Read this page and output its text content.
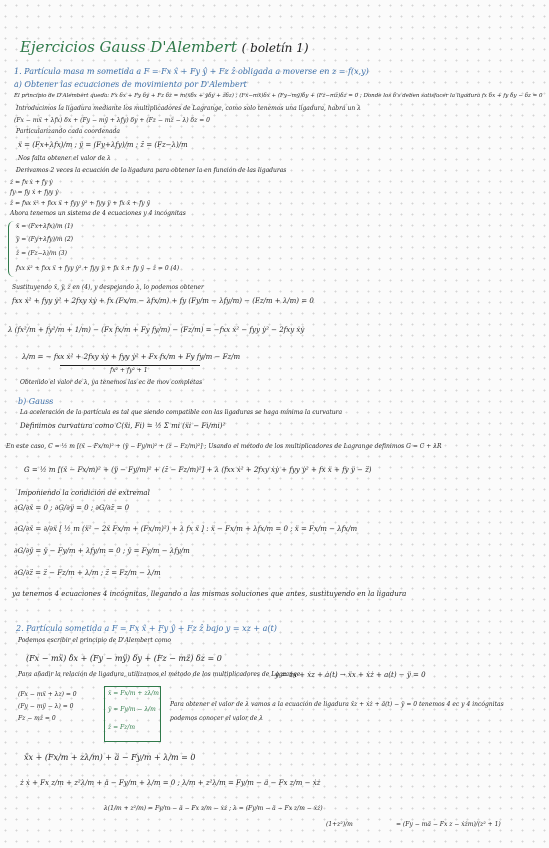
Ejercicios Gauss D'Alembert ( boletín 1)
1. Partícula masa m sometida a F = Fx x̂ + Fy ŷ + Fz ẑ obligada a moverse en z = f(x,y)
a) Obtener las ecuaciones de movimiento por D'Alembert
El principio de D'Alembert queda: Fx δx + Fy δy + Fz δz = m(ẍδx + ÿδy + z̈δz) ; (Fx−mẍ)δx + (Fy−mÿ)δy + (Fz−mz̈)δz = 0 ; Donde los δ's deben satisfacer la ligadura fx δx + fy δy − δz = 0
Introducimos la ligadura mediante los multiplicadores de Lagrange, como solo tenemos una ligadura, habrá un λ
(Fx − mẍ + λfx) δx + (Fy − mÿ + λfy) δy + (Fz − mz̈ − λ) δz = 0
Particularizando cada coordenada
ẍ = (Fx+λfx)/m ; ÿ = (Fy+λfy)/m ; z̈ = (Fz−λ)/m
Nos falta obtener el valor de λ
Derivamos 2 veces la ecuación de la ligadura para obtener la en función de las ligaduras
ż = fx ẋ + fy ẏ
fy = fy ẋ + fyy ẏ
z̈ = fxx ẋ² + fxx ẍ + fyy ẏ² + fyy ÿ + fx ẍ + fy ÿ
Ahora tenemos un sistema de 4 ecuaciones y 4 incógnitas
ẍ = (Fx+λfx)/m (1)
ÿ = (Fy+λfy)/m (2)
z̈ = (Fz−λ)/m (3)
fxx ẋ² + fxx ẍ + fyy ẏ² + fyy ÿ + fx ẍ + fy ÿ − z̈ = 0 (4)
Sustituyendo ẍ, ÿ, z̈ en (4), y despejando λ, lo podemos obtener
fxx ẋ² + fyy ẏ² + 2fxy ẋẏ + fx (Fx/m − λfx/m) + fy (Fy/m − λfy/m) − (Fz/m + λ/m) = 0
λ (fx²/m + fy²/m + 1/m) − (Fx fx/m + Fy fy/m) − (Fz/m) = −fxx ẋ² − fyy ẏ² − 2fxy ẋẏ
λ/m = − fxx ẋ² + 2fxy ẋẏ + fyy ẏ² + Fx fx/m + Fy fy/m − Fz/m
fx² + fy² + 1
Obtenido el valor de λ, ya tenemos las ec de mov completas
b) Gauss
La aceleración de la partícula es tal que siendo compatible con las ligaduras se haga mínima la curvatura
Definimos curvatura como C(ẍi, Fi) = ½ Σ mi (ẍi − Fi/mi)²
En este caso, C = ½ m [(ẍ − Fx/m)² + (ÿ − Fy/m)² + (z̈ − Fz/m)²] ; Usando el método de los multiplicadores de Lagrange definimos G = C + λR
G = ½ m [(ẍ − Fx/m)² + (ÿ − Fy/m)² + (z̈ − Fz/m)²] + λ (fxx ẋ² + 2fxy ẋẏ + fyy ẏ² + fx ẍ + fy ÿ − z̈)
Imponiendo la condición de extremal
∂G/∂ẍ = 0 ; ∂G/∂ÿ = 0 ; ∂G/∂z̈ = 0
∂G/∂ẍ = ∂/∂ẍ [ ½ m (ẍ² − 2ẍ Fx/m + (Fx/m)²) + λ fx ẍ ] : ẍ − Fx/m + λfx/m = 0 ; ẍ = Fx/m − λfx/m
∂G/∂ÿ = ÿ − Fy/m + λfy/m = 0 ; ÿ = Fy/m − λfy/m
∂G/∂z̈ = z̈ − Fz/m + λ/m ; z̈ = Fz/m − λ/m
ya tenemos 4 ecuaciones 4 incógnitas, llegando a las mismas soluciones que antes, sustituyendo en la ligadura
2. Partícula sometida a F = Fx x̂ + Fy ŷ + Fz ẑ bajo y = xz + a(t)
Podemos escribir el principio de D'Alembert como
(Fx − mẍ) δx + (Fy − mÿ) δy + (Fz − mz̈) δz = 0
Para añadir la relación de ligadura, utilizamos el método de los multiplicadores de Lagrange
ẏ = żx + ẋz + ȧ(t) → ẍx + ẋż + a(t) − ÿ = 0
(Fx − mẍ + λz) = 0
(Fy − mÿ − λ) = 0
Fz − mz̈ = 0
ẍ = Fx/m + zλ/m
ÿ = Fy/m − λ/m
z̈ = Fz/m
Para obtener el valor de λ vamos a la ecuación de ligadura ẍz + ẋż + ä(t) − ÿ = 0 tenemos 4 ec y 4 incógnitas
podemos conocer el valor de λ
ẍx + (Fx/m + zλ/m) + ä − Fy/m + λ/m = 0
ż ẋ + Fx z/m + z²λ/m + ä − Fy/m + λ/m = 0 ; λ/m + z²λ/m = Fy/m − ä − Fx z/m − ẋż
λ(1/m + z²/m) = Fy/m − ä − Fx z/m − ẋż ; λ = (Fy/m − ä − Fx z/m − ẋż)
(1+z²)/m	= (Fy − mä − Fx z − ẋżm)/(z² + 1)
